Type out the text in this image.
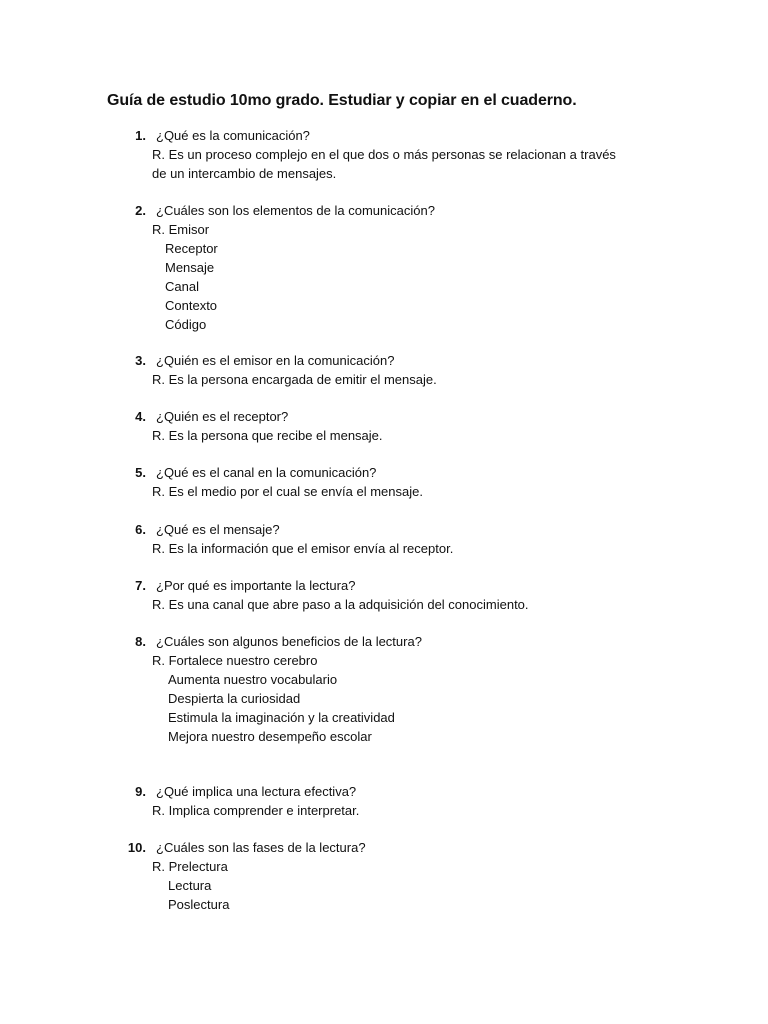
Guía de estudio 10mo grado. Estudiar y copiar en el cuaderno.
1. ¿Qué es la comunicación?
R. Es un proceso complejo en el que dos o más personas se relacionan a través de un intercambio de mensajes.
2. ¿Cuáles son los elementos de la comunicación?
R. Emisor
Receptor
Mensaje
Canal
Contexto
Código
3. ¿Quién es el emisor en la comunicación?
R. Es la persona encargada de emitir el mensaje.
4. ¿Quién es el receptor?
R. Es la persona que recibe el mensaje.
5. ¿Qué es el canal en la comunicación?
R. Es el medio por el cual se envía el mensaje.
6. ¿Qué es el mensaje?
R. Es la información que el emisor envía al receptor.
7. ¿Por qué es importante la lectura?
R. Es una canal que abre paso a la adquisición del conocimiento.
8. ¿Cuáles son algunos beneficios de la lectura?
R. Fortalece nuestro cerebro
Aumenta nuestro vocabulario
Despierta la curiosidad
Estimula la imaginación y la creatividad
Mejora nuestro desempeño escolar
9. ¿Qué implica una lectura efectiva?
R. Implica comprender e interpretar.
10. ¿Cuáles son las fases de la lectura?
R. Prelectura
Lectura
Poslectura
